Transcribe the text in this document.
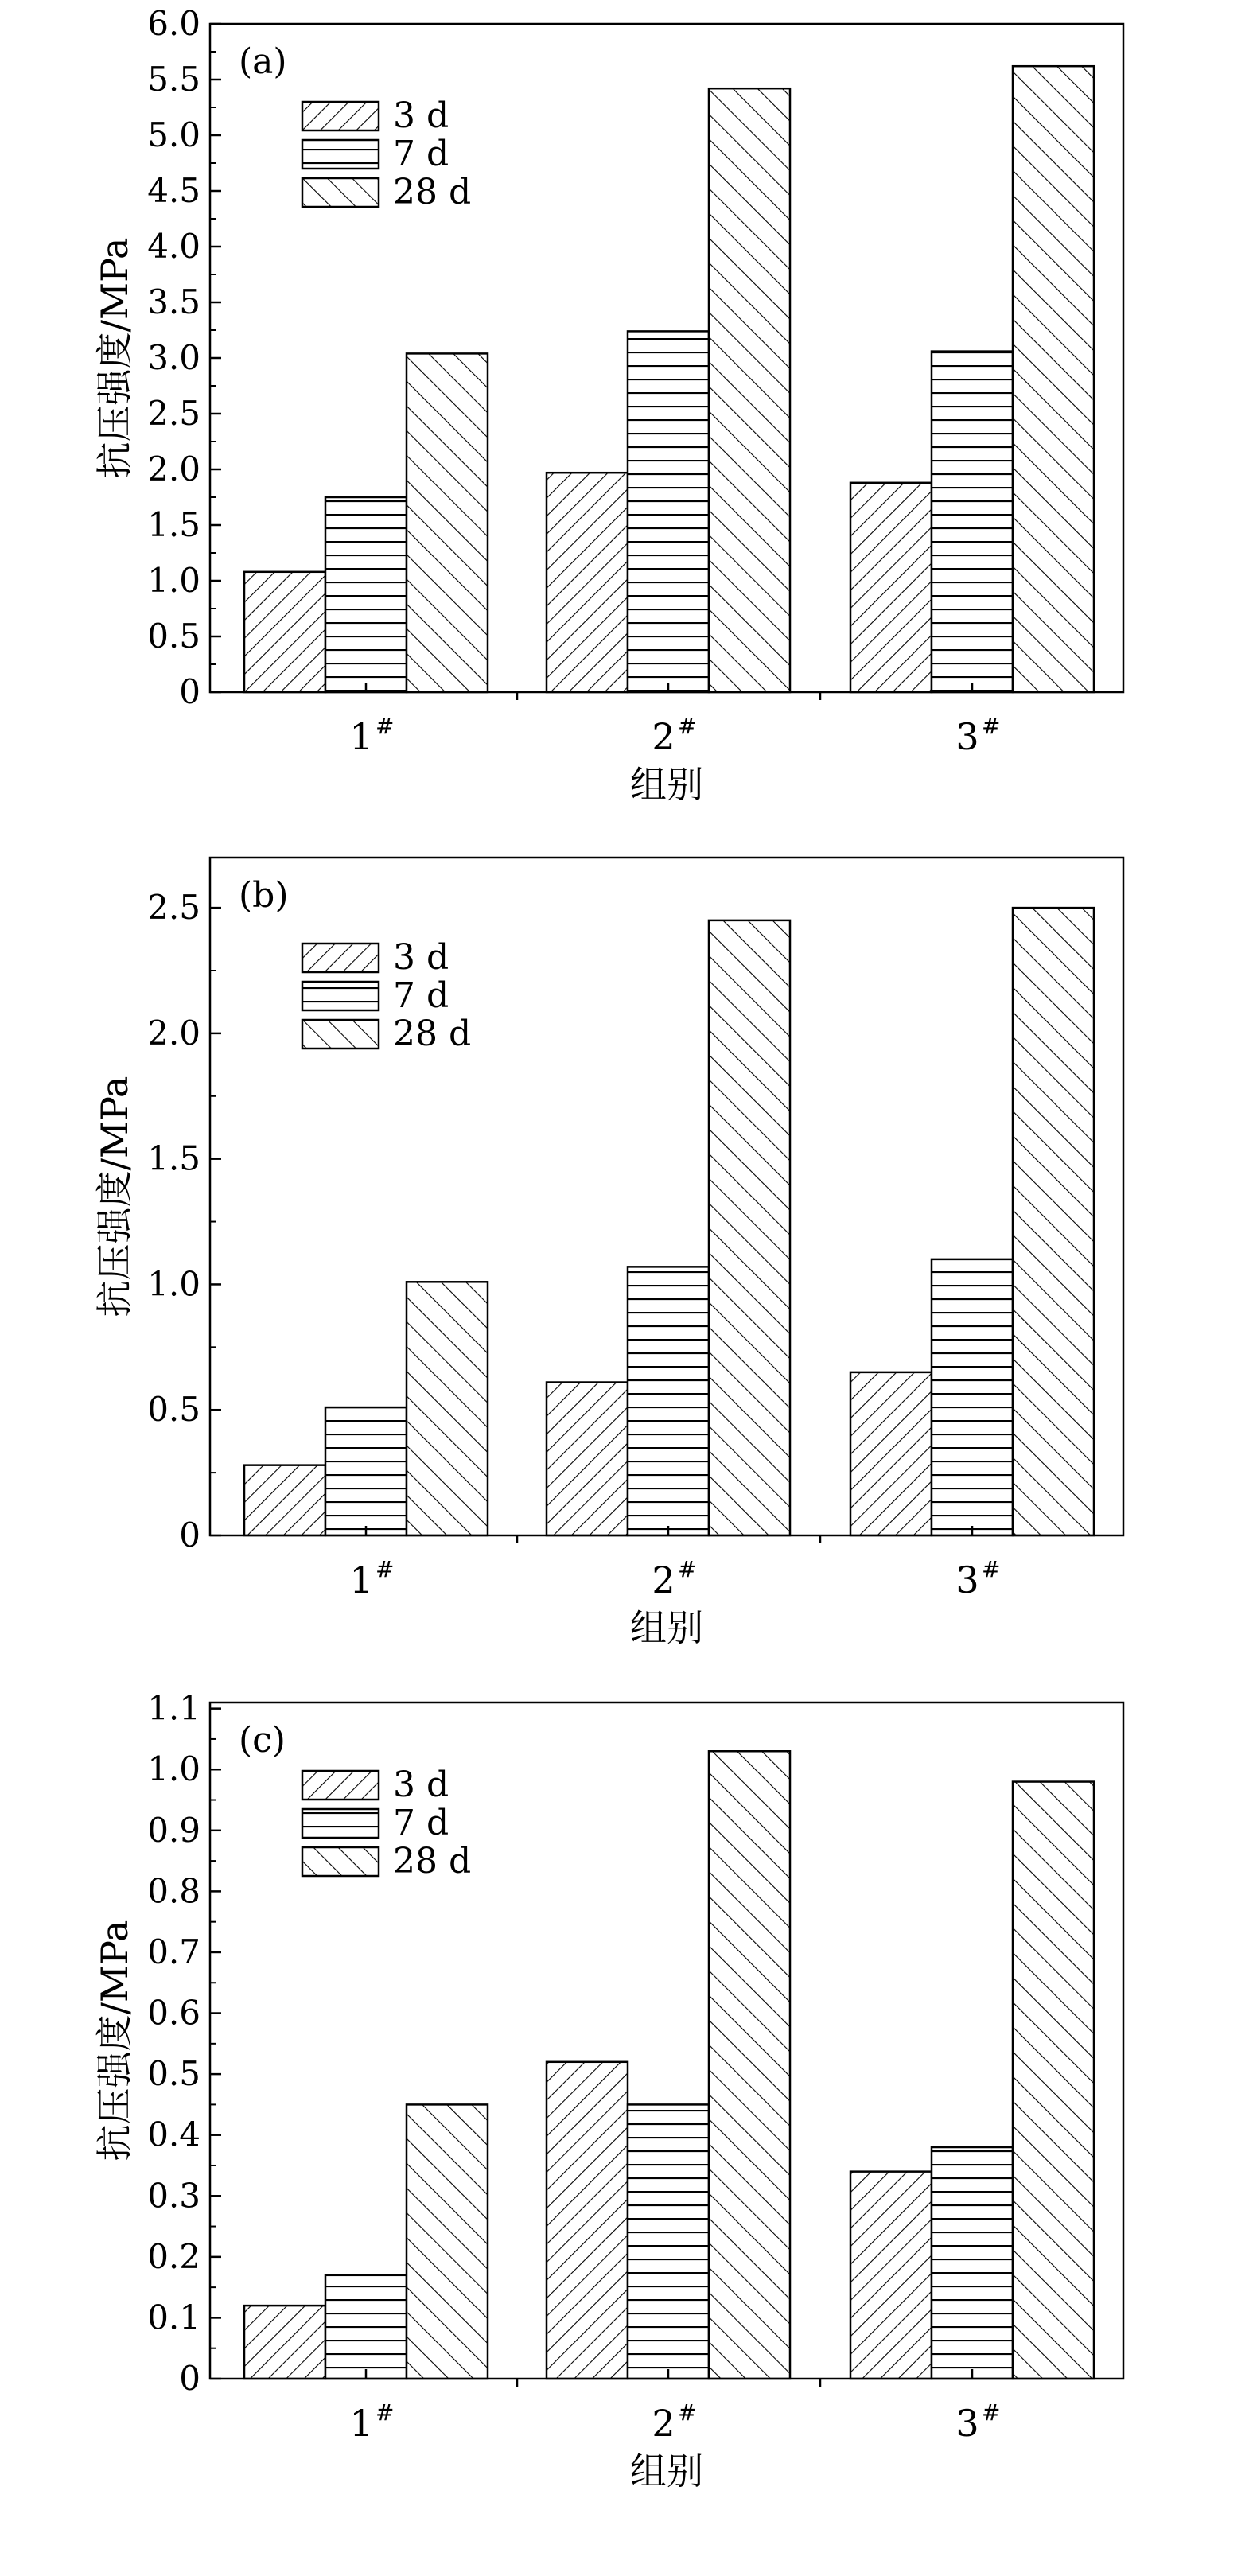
0
0.5
1.0
1.5
2.0
2.5
3.0
3.5
4.0
4.5
5.0
5.5
6.0
1 #	2 #	3 #
组别
抗压强度/MPa
(a)
3 d
7 d
28 d
0
0.5
1.0
1.5
2.0
2.5
1 #	2 #	3 #
组别
抗压强度/MPa
(b)
3 d
7 d
28 d
0
0.1
0.2
0.3
0.4
0.5
0.6
0.7
0.8
0.9
1.0
1.1
1 #	2 #	3 #
组别
抗压强度/MPa
(c)
3 d
7 d
28 d
